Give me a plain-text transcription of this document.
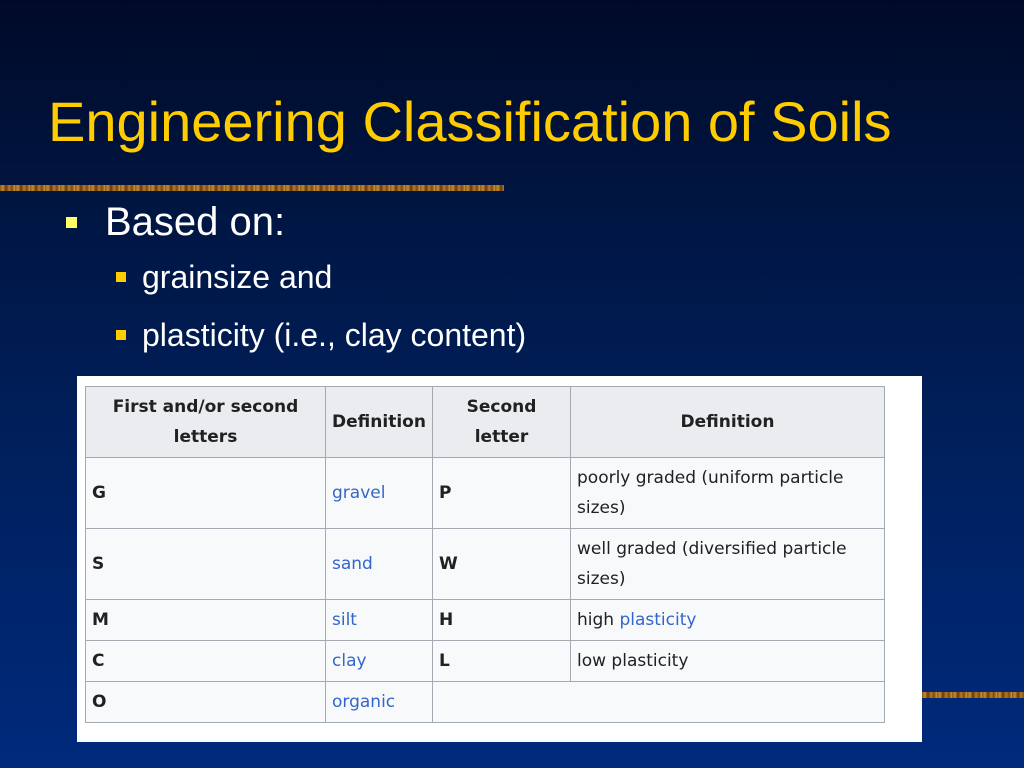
Engineering Classification of Soils
Based on:
grainsize and
plasticity (i.e., clay content)
First and/or second letters	Definition	Second letter	Definition
G	gravel	P	poorly graded (uniform particle sizes)
S	sand	W	well graded (diversified particle sizes)
M	silt	H	high plasticity
C	clay	L	low plasticity
O	organic		
